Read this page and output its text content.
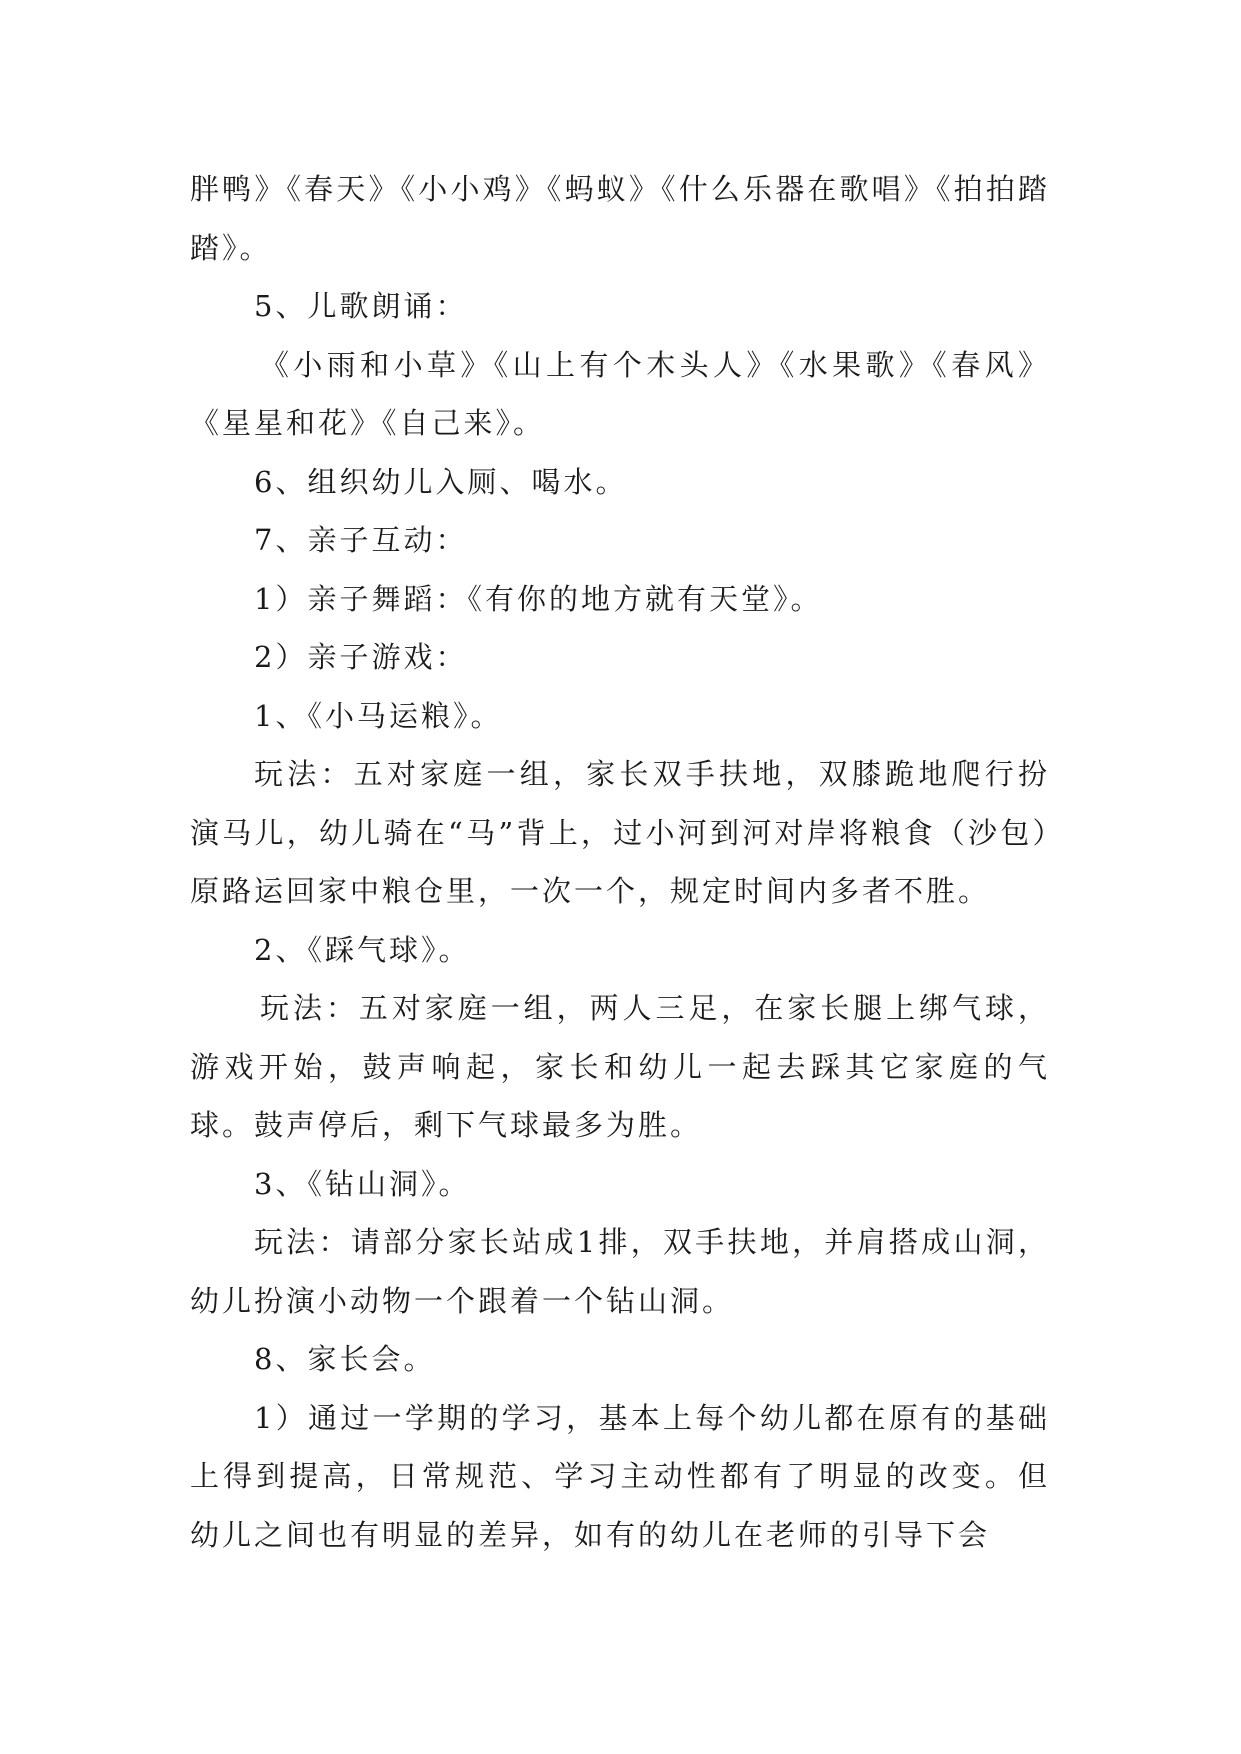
胖鸭》《春天》《小小鸡》《蚂蚁》《什么乐器在歌唱》《拍拍踏踏》。

5、儿歌朗诵：

《小雨和小草》《山上有个木头人》《水果歌》《春风》《星星和花》《自己来》。

6、组织幼儿入厕、喝水。

7、亲子互动：

1）亲子舞蹈：《有你的地方就有天堂》。

2）亲子游戏：

1、《小马运粮》。

玩法：五对家庭一组，家长双手扶地，双膝跪地爬行扮演马儿，幼儿骑在“马”背上，过小河到河对岸将粮食（沙包）原路运回家中粮仓里，一次一个，规定时间内多者不胜。

2、《踩气球》。

玩法：五对家庭一组，两人三足，在家长腿上绑气球，游戏开始，鼓声响起，家长和幼儿一起去踩其它家庭的气球。鼓声停后，剩下气球最多为胜。

3、《钻山洞》。

玩法：请部分家长站成1排，双手扶地，并肩搭成山洞，幼儿扮演小动物一个跟着一个钻山洞。

8、家长会。

1）通过一学期的学习，基本上每个幼儿都在原有的基础上得到提高，日常规范、学习主动性都有了明显的改变。但幼儿之间也有明显的差异，如有的幼儿在老师的引导下会
